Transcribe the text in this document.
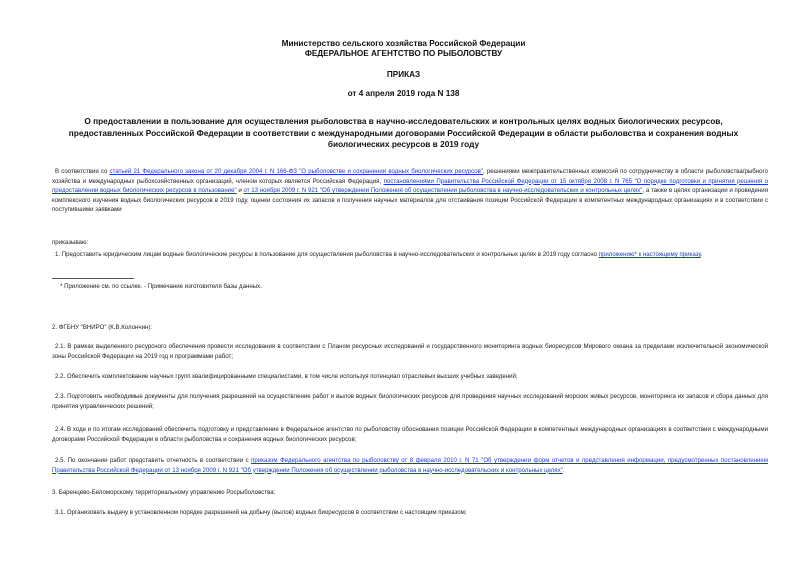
Министерство сельского хозяйства Российской Федерации
ФЕДЕРАЛЬНОЕ АГЕНТСТВО ПО РЫБОЛОВСТВУ
ПРИКАЗ
от 4 апреля 2019 года N 138
О предоставлении в пользование для осуществления рыболовства в научно-исследовательских и контрольных целях водных биологических ресурсов,
предоставленных Российской Федерации в соответствии с международными договорами Российской Федерации в области рыболовства и сохранения водных
биологических ресурсов в 2019 году
В соответствии со статьей 21 Федерального закона от 20 декабря 2004 г. N 166-ФЗ "О рыболовстве и сохранении водных биологических ресурсов", решениями межправительственных комиссий по сотрудничеству в области рыболовства/рыбного хозяйства и международных рыбохозяйственных организаций, членом которых является Российская Федерация, постановлениями Правительства Российской Федерации от 15 октября 2008 г. N 765 "О порядке подготовки и принятия решения о предоставлении водных биологических ресурсов в пользование" и от 13 ноября 2009 г. N 921 "Об утверждении Положения об осуществлении рыболовства в научно-исследовательских и контрольных целях", а также в целях организации и проведения комплексного изучения водных биологических ресурсов в 2019 году, оценки состояния их запасов и получения научных материалов для отстаивания позиции Российской Федерации в компетентных международных организациях и в соответствии с поступившими заявками
приказываю:
1. Предоставить юридическим лицам водные биологические ресурсы в пользование для осуществления рыболовства в научно-исследовательских и контрольных целях в 2019 году согласно приложению* к настоящему приказу.
* Приложение см. по ссылке. - Примечание изготовителя базы данных.
2. ФГБНУ "ВНИРО" (К.В.Колончин):
2.1. В рамках выделенного ресурсного обеспечения провести исследования в соответствии с Планом ресурсных исследований и государственного мониторинга водных биоресурсов Мирового океана за пределами исключительной экономической зоны Российской Федерации на 2019 год и программами работ;
2.2. Обеспечить комплектование научных групп квалифицированными специалистами, в том числе используя потенциал отраслевых высших учебных заведений;
2.3. Подготовить необходимые документы для получения разрешений на осуществление работ и вылов водных биологических ресурсов для проведения научных исследований морских живых ресурсов, мониторинга их запасов и сбора данных для принятия управленческих решений;
2.4. В ходе и по итогам исследований обеспечить подготовку и представление в Федеральное агентство по рыболовству обоснования позиции Российской Федерации в компетентных международных организациях в соответствии с международными договорами Российской Федерации в области рыболовства и сохранения водных биологических ресурсов;
2.5. По окончании работ представить отчетность в соответствии с приказом Федерального агентства по рыболовству от 8 февраля 2010 г. N 71 "Об утверждении форм отчетов и представления информации, предусмотренных постановлением Правительства Российской Федерации от 13 ноября 2009 г. N 921 "Об утверждении Положения об осуществлении рыболовства в научно-исследовательских и контрольных целях".
3. Баренцево-Беломорскому территориальному управлению Росрыболовства:
3.1. Организовать выдачу в установленном порядке разрешений на добычу (вылов) водных биоресурсов в соответствии с настоящим приказом;
